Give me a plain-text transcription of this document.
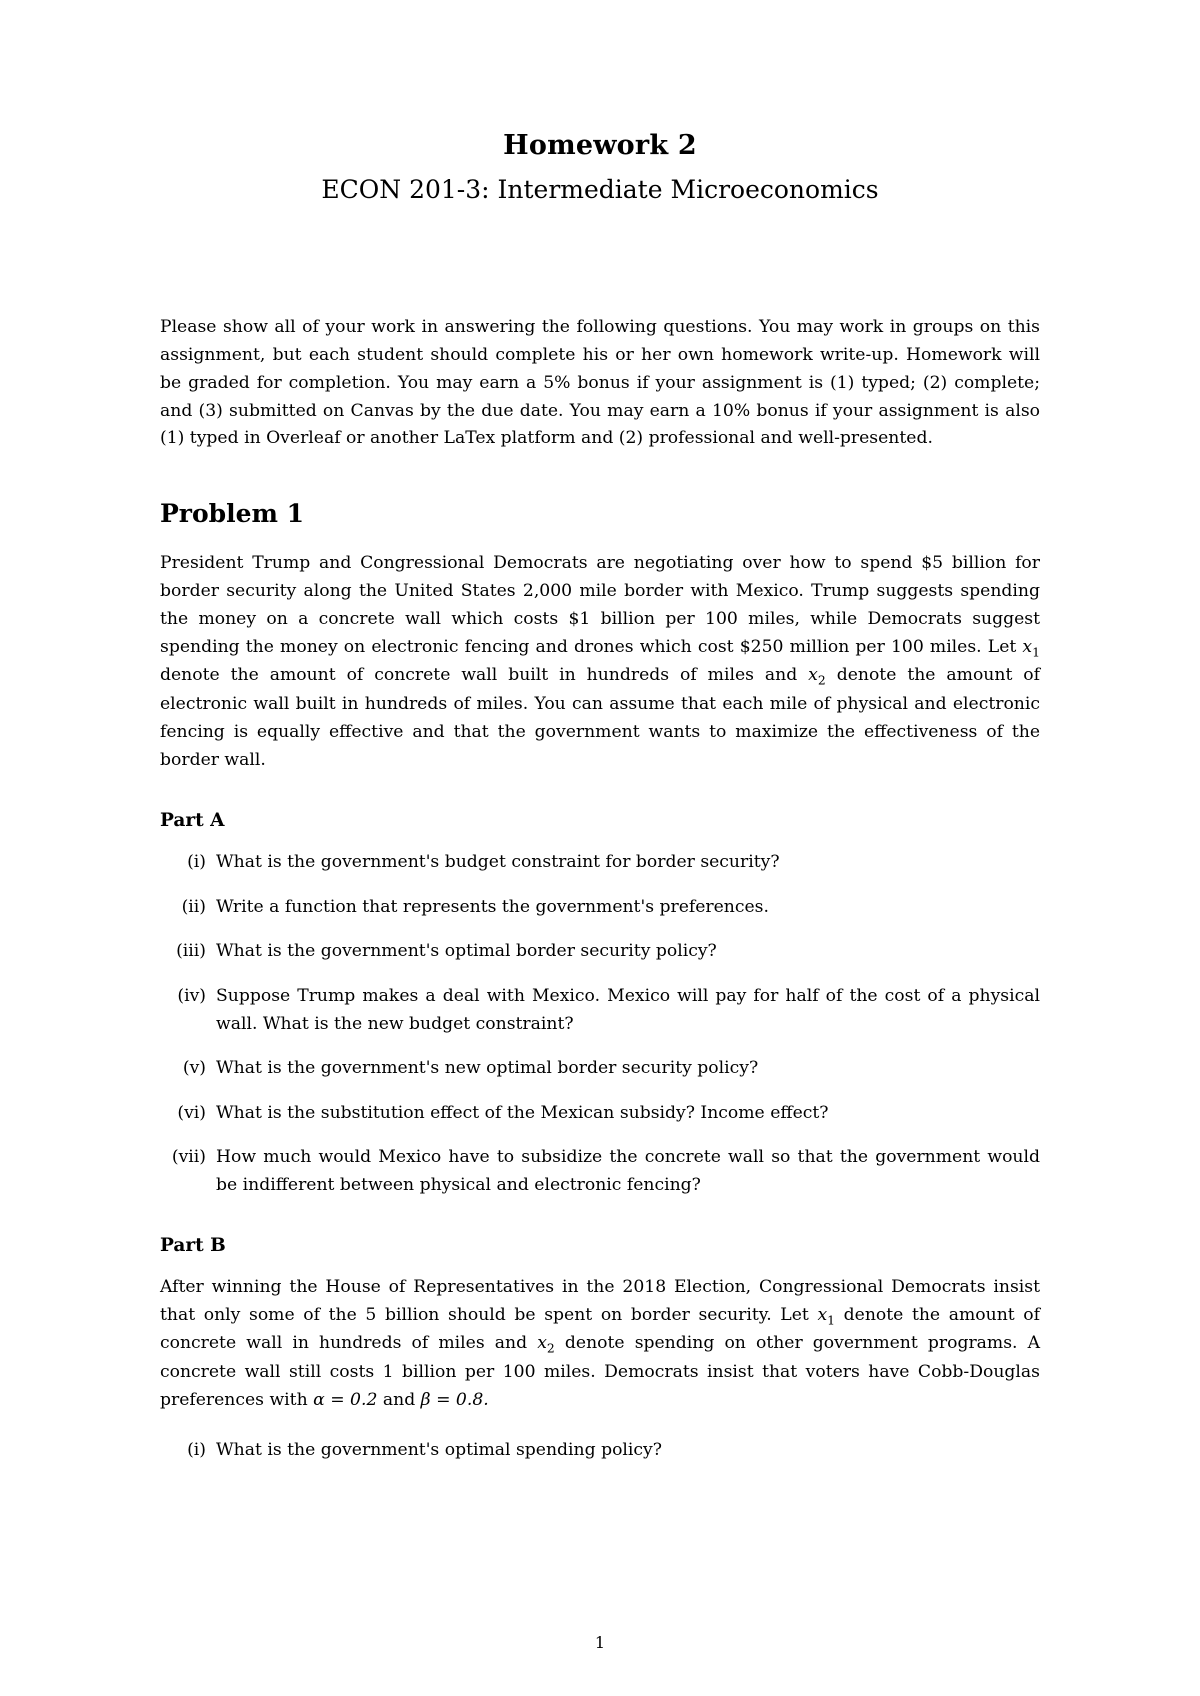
Homework 2
ECON 201-3: Intermediate Microeconomics

Please show all of your work in answering the following questions. You may work in groups on this assignment, but each student should complete his or her own homework write-up. Homework will be graded for completion. You may earn a 5% bonus if your assignment is (1) typed; (2) complete; and (3) submitted on Canvas by the due date. You may earn a 10% bonus if your assignment is also (1) typed in Overleaf or another LaTex platform and (2) professional and well-presented.

Problem 1

President Trump and Congressional Democrats are negotiating over how to spend $5 billion for border security along the United States 2,000 mile border with Mexico. Trump suggests spending the money on a concrete wall which costs $1 billion per 100 miles, while Democrats suggest spending the money on electronic fencing and drones which cost $250 million per 100 miles. Let $x_1$ denote the amount of concrete wall built in hundreds of miles and $x_2$ denote the amount of electronic wall built in hundreds of miles. You can assume that each mile of physical and electronic fencing is equally effective and that the government wants to maximize the effectiveness of the border wall.

Part A
(i) What is the government's budget constraint for border security?
(ii) Write a function that represents the government's preferences.
(iii) What is the government's optimal border security policy?
(iv) Suppose Trump makes a deal with Mexico. Mexico will pay for half of the cost of a physical wall. What is the new budget constraint?
(v) What is the government's new optimal border security policy?
(vi) What is the substitution effect of the Mexican subsidy? Income effect?
(vii) How much would Mexico have to subsidize the concrete wall so that the government would be indifferent between physical and electronic fencing?
Part B

After winning the House of Representatives in the 2018 Election, Congressional Democrats insist that only some of the 5 billion should be spent on border security. Let $x_1$ denote the amount of concrete wall in hundreds of miles and $x_2$ denote spending on other government programs. A concrete wall still costs 1 billion per 100 miles. Democrats insist that voters have Cobb-Douglas preferences with α = 0.2 and β = 0.8.

(i) What is the government's optimal spending policy?
1
